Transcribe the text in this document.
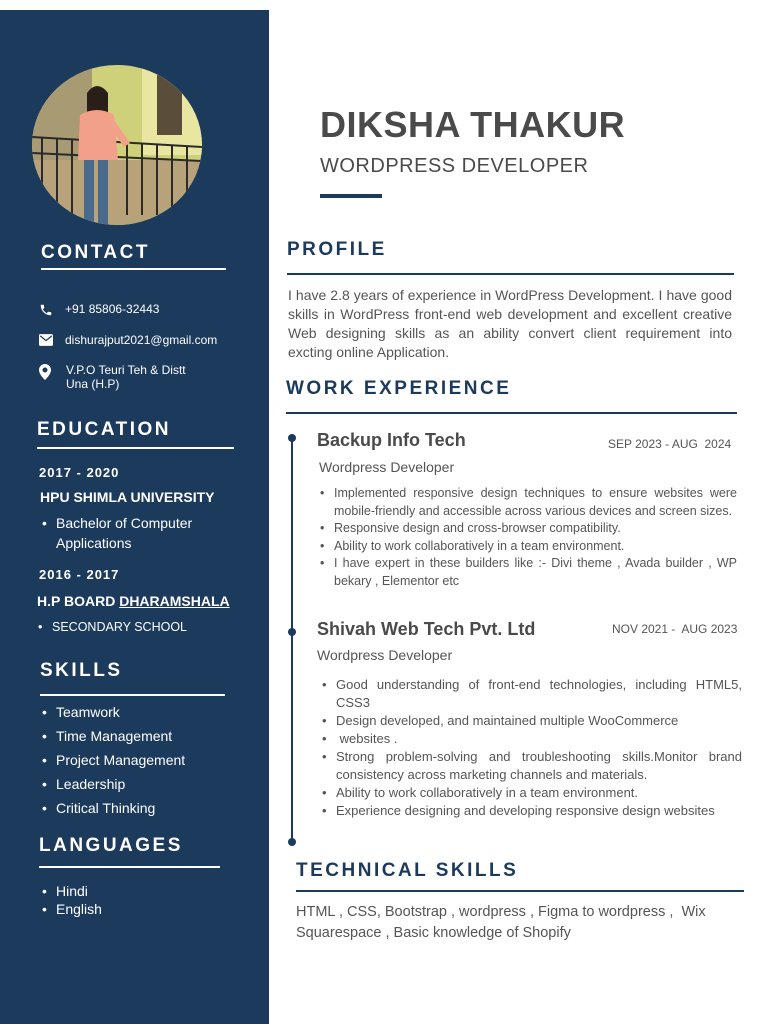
CONTACT
+91 85806-32443
dishurajput2021@gmail.com
V.P.O Teuri Teh & Distt
Una (H.P)
EDUCATION
2017 - 2020
HPU SHIMLA UNIVERSITY
• Bachelor of Computer
Applications
2016 - 2017
H.P BOARD DHARAMSHALA
• SECONDARY SCHOOL
SKILLS
• Teamwork
• Time Management
• Project Management
• Leadership
• Critical Thinking
LANGUAGES
• Hindi
• English
DIKSHA THAKUR
WORDPRESS DEVELOPER
PROFILE
I have 2.8 years of experience in WordPress Development. I have good skills in WordPress front-end web development and excellent creative Web designing skills as an ability convert client requirement into excting online Application.
WORK EXPERIENCE
Backup Info Tech	SEP 2023 - AUG  2024
Wordpress Developer
• Implemented responsive design techniques to ensure websites were mobile-friendly and accessible across various devices and screen sizes.
• Responsive design and cross-browser compatibility.
• Ability to work collaboratively in a team environment.
• I have expert in these builders like :- Divi theme , Avada builder , WP bekary , Elementor etc
Shivah Web Tech Pvt. Ltd	NOV 2021 -  AUG 2023
Wordpress Developer
• Good understanding of front-end technologies, including HTML5, CSS3
• Design developed, and maintained multiple WooCommerce
•  websites .
• Strong problem-solving and troubleshooting skills.Monitor brand consistency across marketing channels and materials.
• Ability to work collaboratively in a team environment.
• Experience designing and developing responsive design websites
TECHNICAL SKILLS
HTML , CSS, Bootstrap , wordpress , Figma to wordpress ,  Wix Squarespace , Basic knowledge of Shopify
